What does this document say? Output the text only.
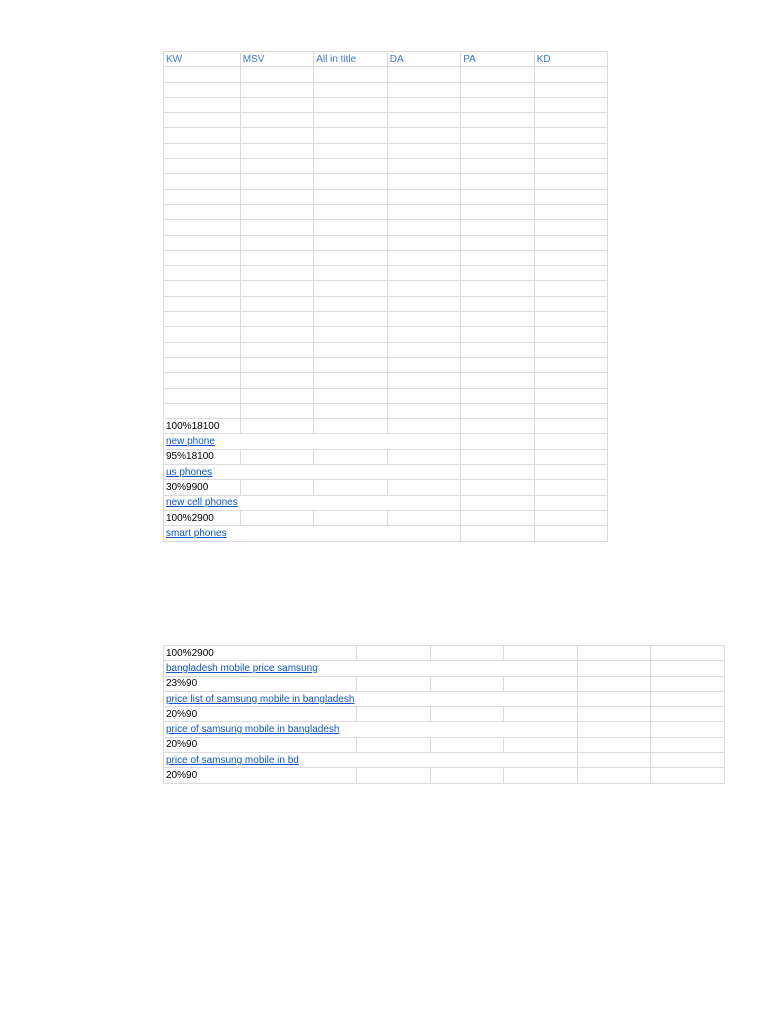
KW	MSV	All in title	DA	PA	KD

100%18100					
new phone					
95%18100					
us phones					
30%9900					
new cell phones					
100%2900					
smart phones					
100%2900					
bangladesh mobile price samsung					
23%90					
price list of samsung mobile in bangladesh					
20%90					
price of samsung mobile in bangladesh					
20%90					
price of samsung mobile in bd					
20%90					
